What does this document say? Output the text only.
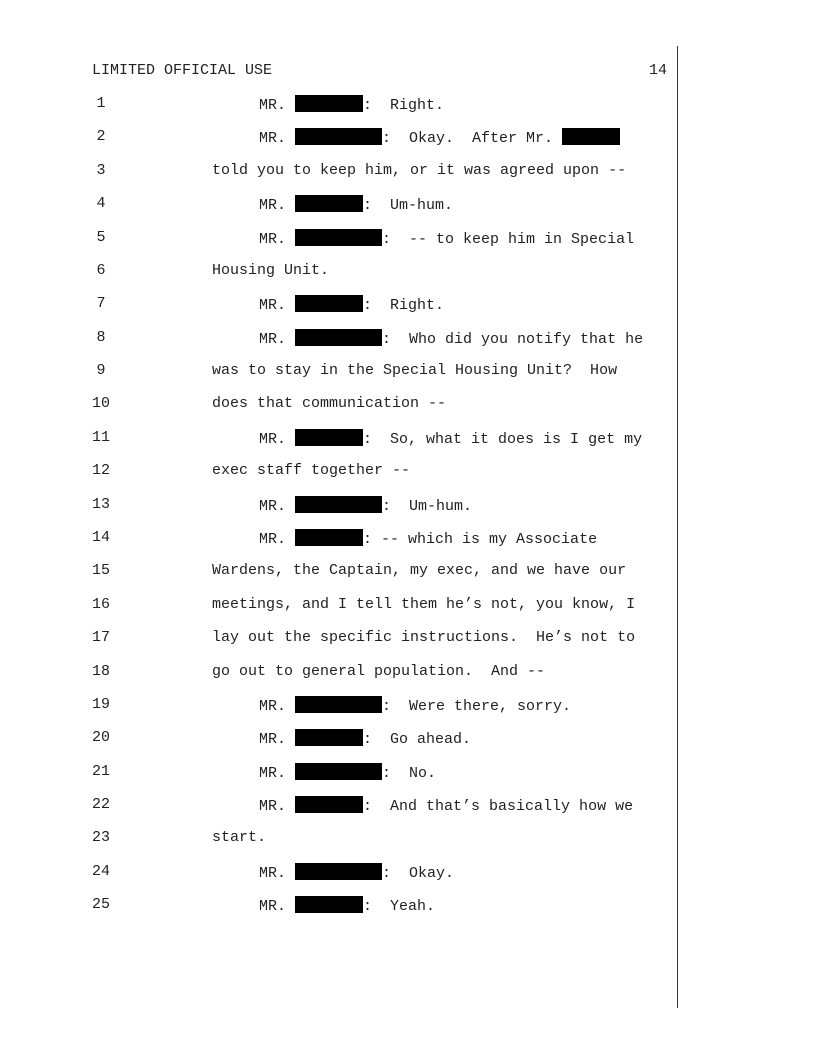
LIMITED OFFICIAL USE	14
1	MR.	:  Right.
2	MR.	:  Okay.  After Mr.
3	told you to keep him, or it was agreed upon --
4	MR.	:  Um-hum.
5	MR.	:  -- to keep him in Special
6	Housing Unit.
7	MR.	:  Right.
8	MR.	:  Who did you notify that he
9	was to stay in the Special Housing Unit?  How
10	does that communication --
11	MR.	:  So, what it does is I get my
12	exec staff together --
13	MR.	:  Um-hum.
14	MR.	: -- which is my Associate
15	Wardens, the Captain, my exec, and we have our
16	meetings, and I tell them he’s not, you know, I
17	lay out the specific instructions.  He’s not to
18	go out to general population.  And --
19	MR.	:  Were there, sorry.
20	MR.	:  Go ahead.
21	MR.	:  No.
22	MR.	:  And that’s basically how we
23	start.
24	MR.	:  Okay.
25	MR.	:  Yeah.
